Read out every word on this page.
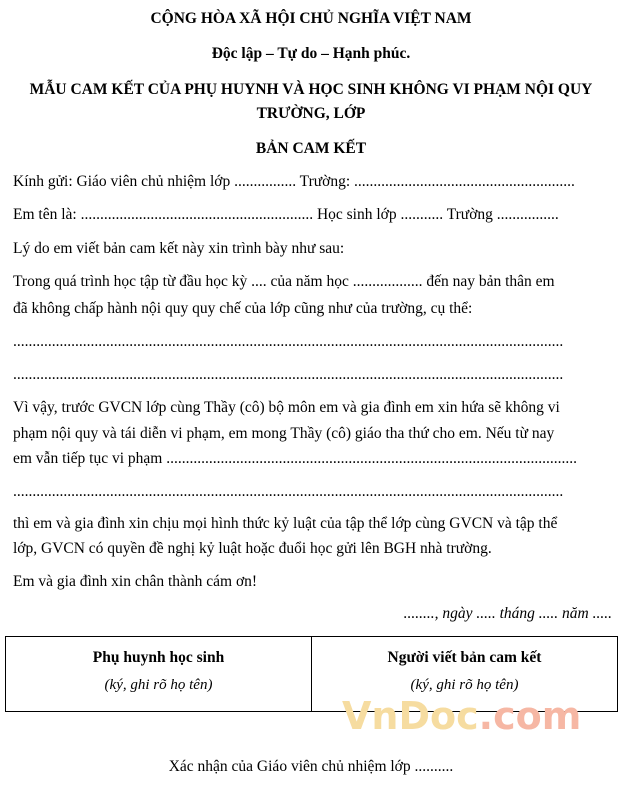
CỘNG HÒA XÃ HỘI CHỦ NGHĨA VIỆT NAM
Độc lập – Tự do – Hạnh phúc.
MẪU CAM KẾT CỦA PHỤ HUYNH VÀ HỌC SINH KHÔNG VI PHẠM NỘI QUY TRƯỜNG, LỚP
BẢN CAM KẾT
Kính gửi: Giáo viên chủ nhiệm lớp ................ Trường: .........................................................
Em tên là: ............................................................ Học sinh lớp ........... Trường ................
Lý do em viết bản cam kết này xin trình bày như sau:
Trong quá trình học tập từ đầu học kỳ .... của năm học .................. đến nay bản thân em
đã không chấp hành nội quy quy chế của lớp cũng như của trường, cụ thể:
..............................................................................................................................................
..............................................................................................................................................
Vì vậy, trước GVCN lớp cùng Thầy (cô) bộ môn em và gia đình em xin hứa sẽ không vi
phạm nội quy và tái diễn vi phạm, em mong Thầy (cô) giáo tha thứ cho em. Nếu từ nay
em vẫn tiếp tục vi phạm ..........................................................................................................
..............................................................................................................................................
thì em và gia đình xin chịu mọi hình thức kỷ luật của tập thể lớp cùng GVCN và tập thể
lớp, GVCN có quyền đề nghị kỷ luật hoặc đuổi học gửi lên BGH nhà trường.
Em và gia đình xin chân thành cám ơn!
........, ngày ..... tháng ..... năm .....
Phụ huynh học sinh
(ký, ghi rõ họ tên)
Người viết bản cam kết
(ký, ghi rõ họ tên)
VnDoc.com
Xác nhận của Giáo viên chủ nhiệm lớp ..........
